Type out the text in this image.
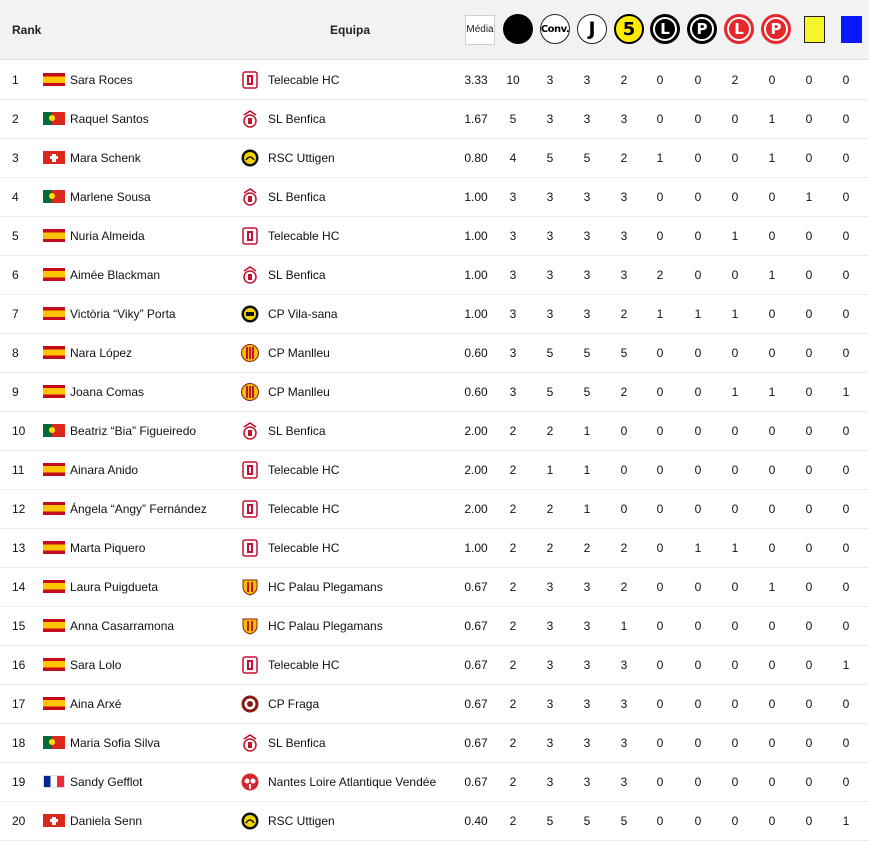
Rank	Equipa	Média	Conv.	J	5	L	P	L	P
1	Sara Roces	Telecable HC	3.33	10	3	3	2	0	0	2	0	0	0
2	Raquel Santos	SL Benfica	1.67	5	3	3	3	0	0	0	1	0	0
3	Mara Schenk	RSC Uttigen	0.80	4	5	5	2	1	0	0	1	0	0
4	Marlene Sousa	SL Benfica	1.00	3	3	3	3	0	0	0	0	1	0
5	Nuria Almeida	Telecable HC	1.00	3	3	3	3	0	0	1	0	0	0
6	Aimée Blackman	SL Benfica	1.00	3	3	3	3	2	0	0	1	0	0
7	Victòria “Viky” Porta	CP Vila-sana	1.00	3	3	3	2	1	1	1	0	0	0
8	Nara López	CP Manlleu	0.60	3	5	5	5	0	0	0	0	0	0
9	Joana Comas	CP Manlleu	0.60	3	5	5	2	0	0	1	1	0	1
10	Beatriz “Bia” Figueiredo	SL Benfica	2.00	2	2	1	0	0	0	0	0	0	0
11	Ainara Anido	Telecable HC	2.00	2	1	1	0	0	0	0	0	0	0
12	Ángela “Angy” Fernández	Telecable HC	2.00	2	2	1	0	0	0	0	0	0	0
13	Marta Piquero	Telecable HC	1.00	2	2	2	2	0	1	1	0	0	0
14	Laura Puigdueta	HC Palau Plegamans	0.67	2	3	3	2	0	0	0	1	0	0
15	Anna Casarramona	HC Palau Plegamans	0.67	2	3	3	1	0	0	0	0	0	0
16	Sara Lolo	Telecable HC	0.67	2	3	3	3	0	0	0	0	0	1
17	Aina Arxé	CP Fraga	0.67	2	3	3	3	0	0	0	0	0	0
18	Maria Sofia Silva	SL Benfica	0.67	2	3	3	3	0	0	0	0	0	0
19	Sandy Gefflot	Nantes Loire Atlantique Vendée 0.67	2	3	3	3	0	0	0	0	0	0
20	Daniela Senn	RSC Uttigen	0.40	2	5	5	5	0	0	0	0	0	1
